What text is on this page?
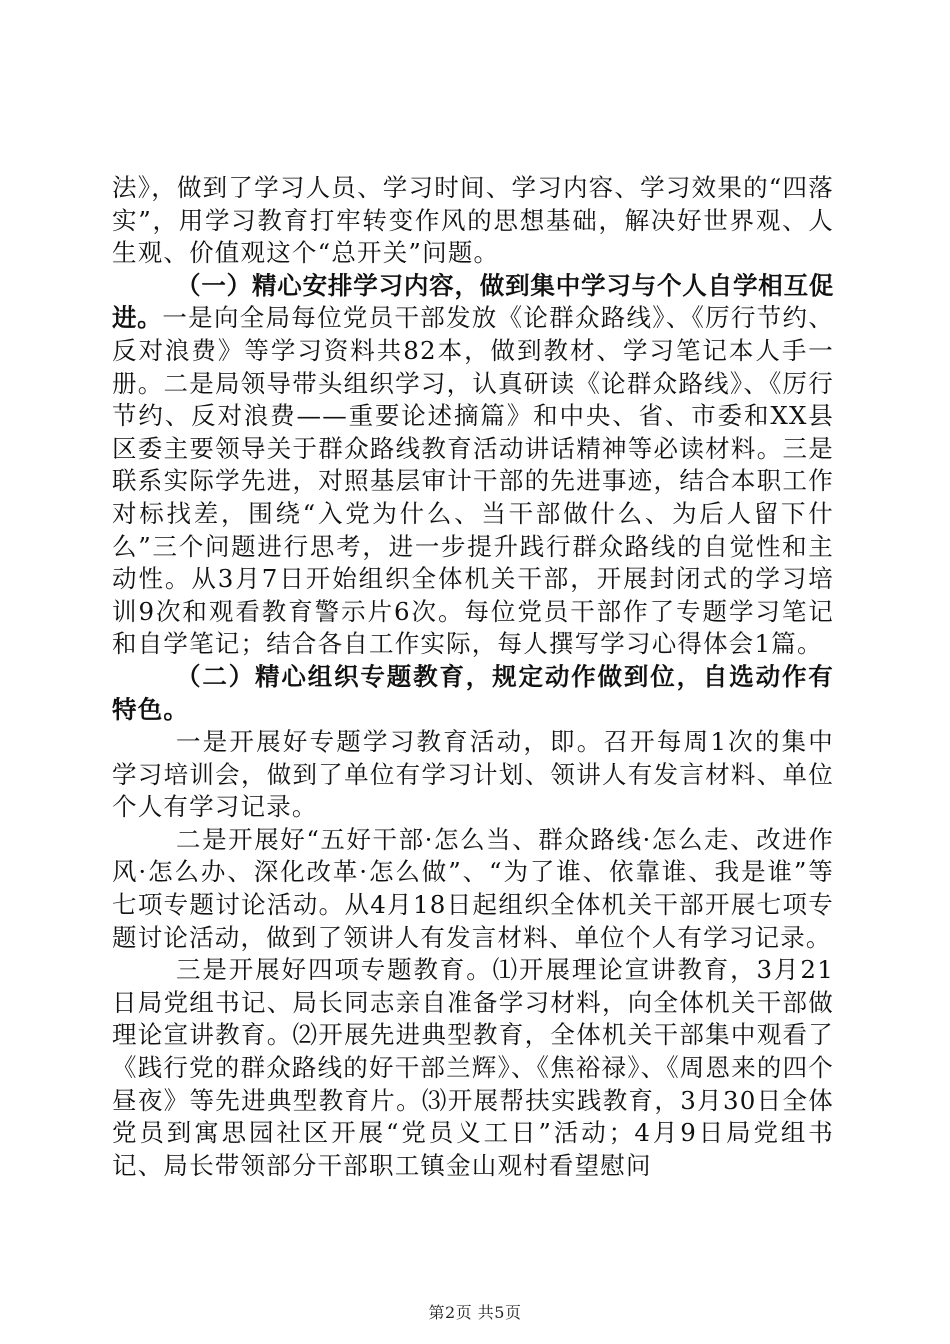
法》，做到了学习人员、学习时间、学习内容、学习效果的“四落实”，用学习教育打牢转变作风的思想基础，解决好世界观、人生观、价值观这个“总开关”问题。

（一）精心安排学习内容，做到集中学习与个人自学相互促进。一是向全局每位党员干部发放《论群众路线》、《厉行节约、反对浪费》等学习资料共82本，做到教材、学习笔记本人手一册。二是局领导带头组织学习，认真研读《论群众路线》、《厉行节约、反对浪费——重要论述摘篇》和中央、省、市委和XX县区委主要领导关于群众路线教育活动讲话精神等必读材料。三是联系实际学先进，对照基层审计干部的先进事迹，结合本职工作对标找差，围绕“入党为什么、当干部做什么、为后人留下什么”三个问题进行思考，进一步提升践行群众路线的自觉性和主动性。从3月7日开始组织全体机关干部，开展封闭式的学习培训9次和观看教育警示片6次。每位党员干部作了专题学习笔记和自学笔记；结合各自工作实际，每人撰写学习心得体会1篇。

（二）精心组织专题教育，规定动作做到位，自选动作有特色。

一是开展好专题学习教育活动，即。召开每周1次的集中学习培训会，做到了单位有学习计划、领讲人有发言材料、单位个人有学习记录。

二是开展好“五好干部·怎么当、群众路线·怎么走、改进作风·怎么办、深化改革·怎么做”、“为了谁、依靠谁、我是谁”等七项专题讨论活动。从4月18日起组织全体机关干部开展七项专题讨论活动，做到了领讲人有发言材料、单位个人有学习记录。

三是开展好四项专题教育。⑴开展理论宣讲教育，3月21日局党组书记、局长同志亲自准备学习材料，向全体机关干部做理论宣讲教育。⑵开展先进典型教育，全体机关干部集中观看了《践行党的群众路线的好干部兰辉》、《焦裕禄》、《周恩来的四个昼夜》等先进典型教育片。⑶开展帮扶实践教育，3月30日全体党员到寓思园社区开展“党员义工日”活动；4月9日局党组书记、局长带领部分干部职工镇金山观村看望慰问

第2页 共5页
